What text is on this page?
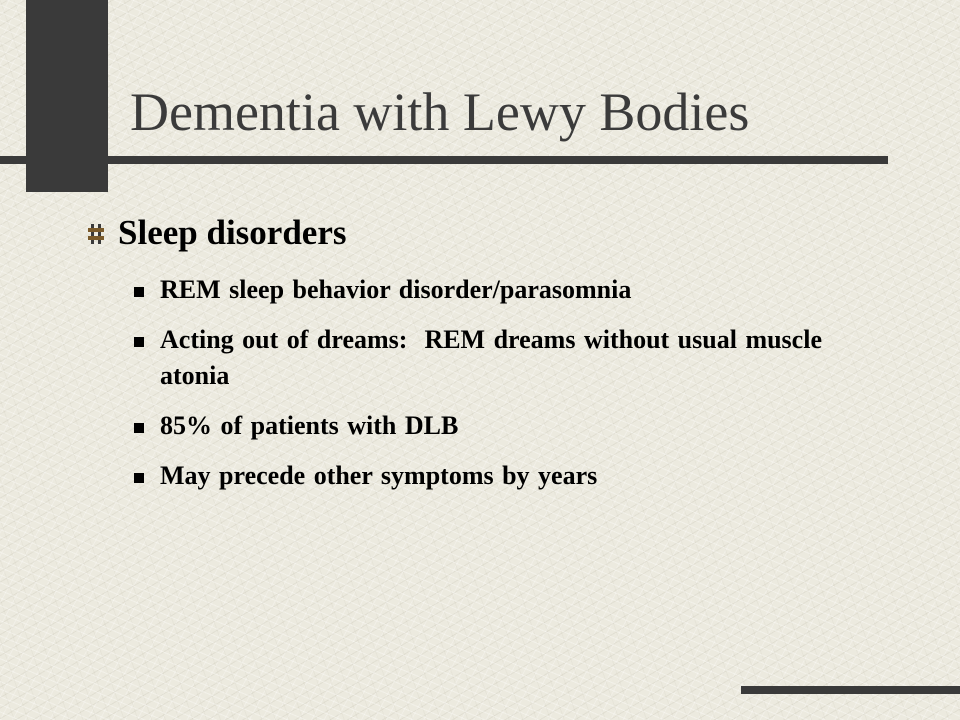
Dementia with Lewy Bodies
Sleep disorders
REM sleep behavior disorder/parasomnia
Acting out of dreams:  REM dreams without usual muscle atonia
85% of patients with DLB
May precede other symptoms by years
